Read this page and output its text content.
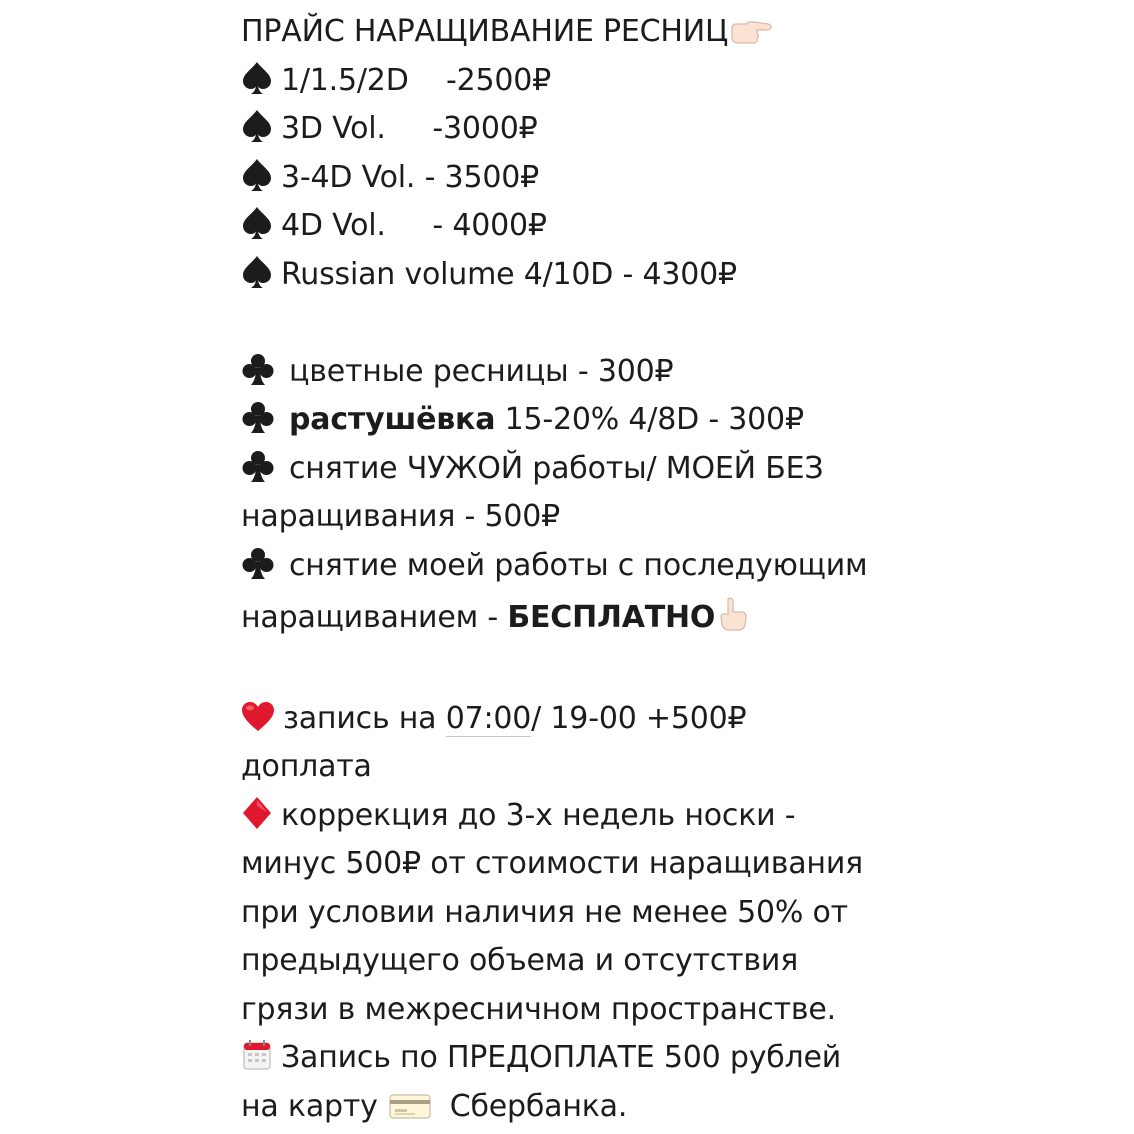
ПРАЙС НАРАЩИВАНИЕ РЕСНИЦ
1/1.5/2D    -2500₽
3D Vol.     -3000₽
3-4D Vol. - 3500₽
4D Vol.     - 4000₽
Russian volume 4/10D - 4300₽
цветные ресницы - 300₽
растушёвка 15-20% 4/8D - 300₽
снятие ЧУЖОЙ работы/ МОЕЙ БЕЗ
наращивания - 500₽
снятие моей работы с последующим
наращиванием - БЕСПЛАТНО
запись на 07:00/ 19-00 +500₽
доплата
коррекция до 3-х недель носки -
минус 500₽ от стоимости наращивания
при условии наличия не менее 50% от
предыдущего объема и отсутствия
грязи в межресничном пространстве.
Запись по ПРЕДОПЛАТЕ 500 рублей
на карту
Сбербанка.
